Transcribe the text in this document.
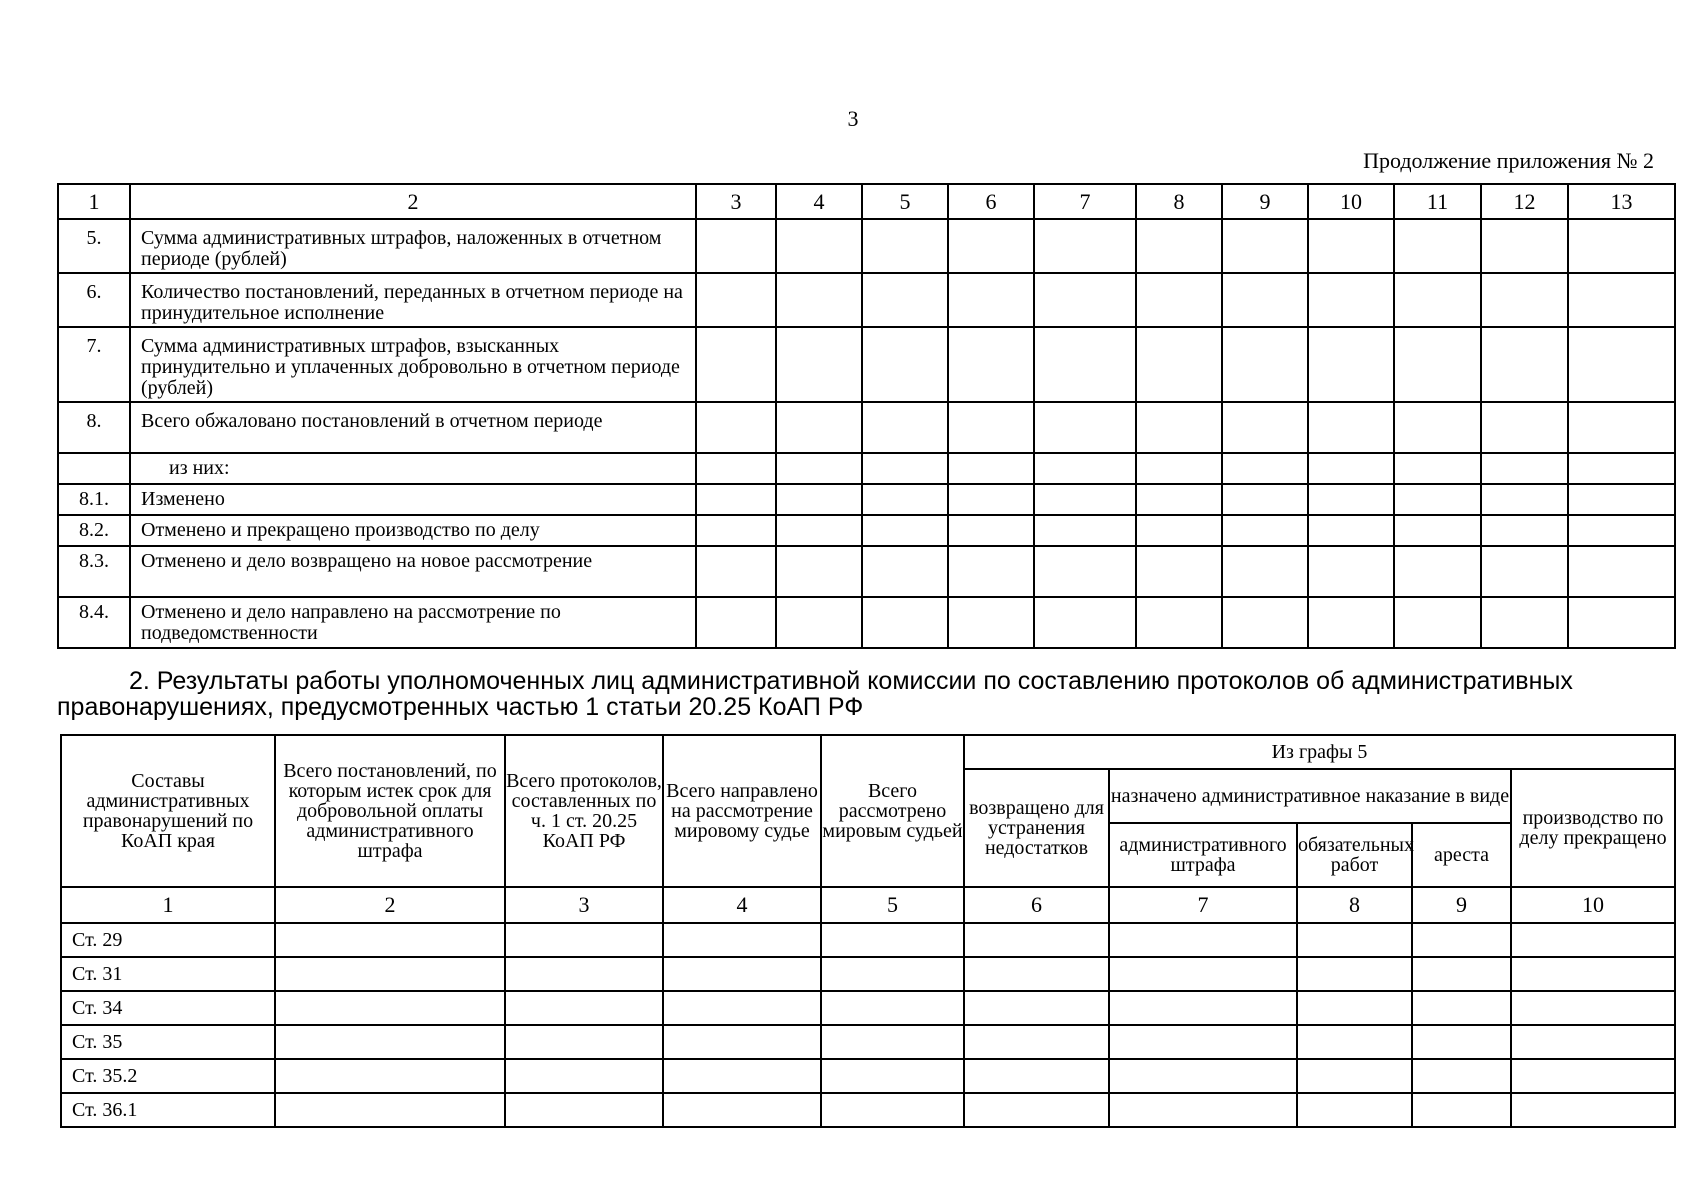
3
Продолжение приложения № 2
1	2	3	4	5	6	7	8	9	10	11	12	13
5.	Сумма административных штрафов, наложенных в отчетном периоде (рублей)											
6.	Количество постановлений, переданных в отчетном периоде на принудительное исполнение											
7.	Сумма административных штрафов, взысканных принудительно и уплаченных добровольно в отчетном периоде (рублей)											
8.	Всего обжаловано постановлений в отчетном периоде											
	из них:											
8.1.	Изменено											
8.2.	Отменено и прекращено производство по делу											
8.3.	Отменено и дело возвращено на новое рассмотрение											
8.4.	Отменено и дело направлено на рассмотрение по подведомственности											
2. Результаты работы уполномоченных лиц административной комиссии по составлению протоколов об административных правонарушениях, предусмотренных частью 1 статьи 20.25 КоАП РФ
Составы административных правонарушений по КоАП края	Всего постановлений, по которым истек срок для добровольной оплаты административного штрафа	Всего протоколов, составленных по ч. 1 ст. 20.25 КоАП РФ	Всего направлено на рассмотрение мировому судье	Всего рассмотрено мировым судьей	Из графы 5				
					возвращено для устранения недостатков	назначено административное наказание в виде			производство по делу прекращено
						административного штрафа	обязательных работ	ареста	
1	2	3	4	5	6	7	8	9	10
Ст. 29									
Ст. 31									
Ст. 34									
Ст. 35									
Ст. 35.2									
Ст. 36.1									
